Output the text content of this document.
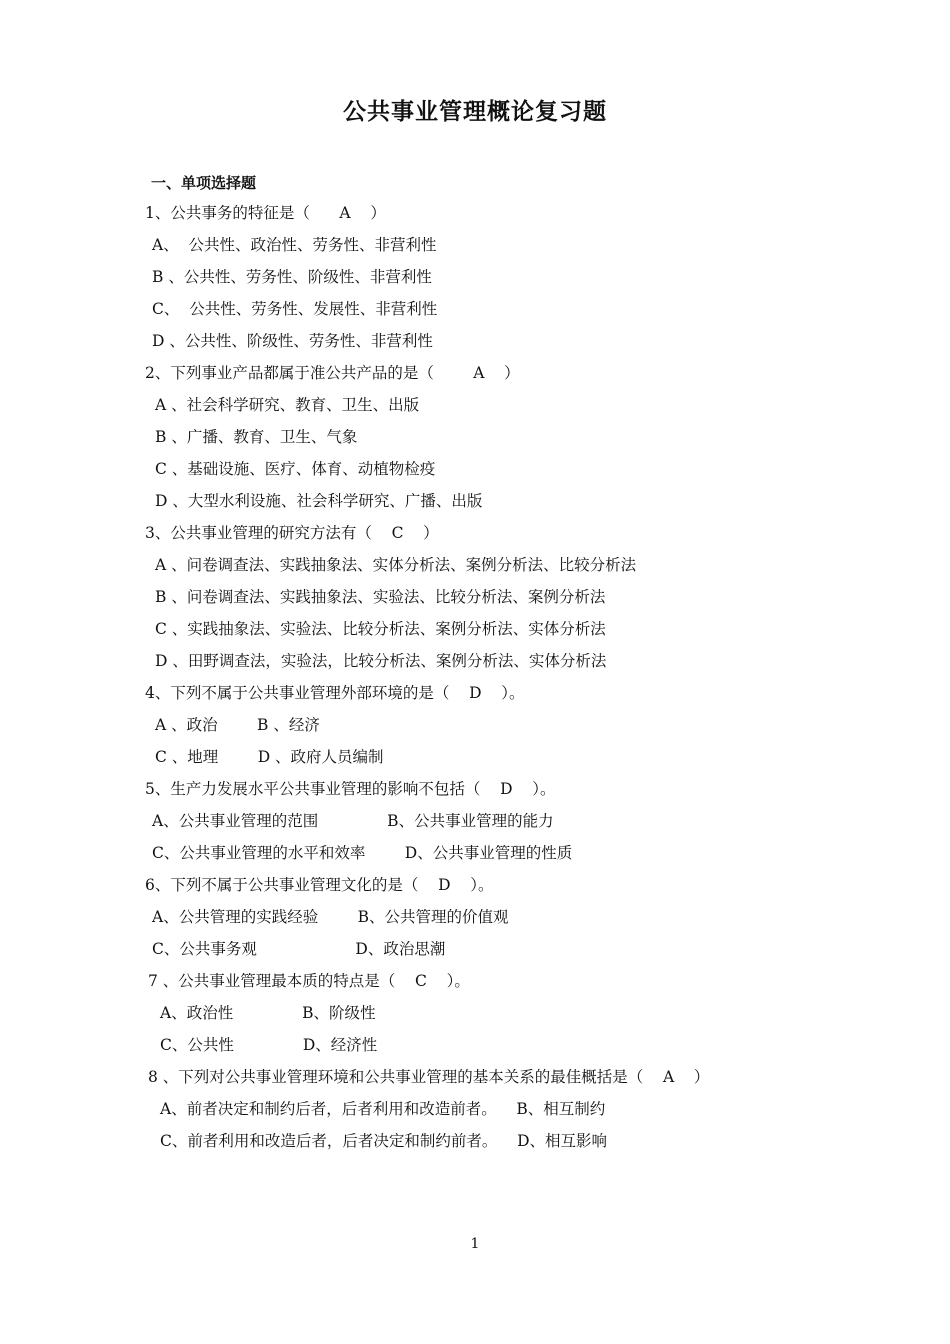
公共事业管理概论复习题
一、单项选择题
1、公共事务的特征是（      A    ）
A、  公共性、政治性、劳务性、非营利性
B 、公共性、劳务性、阶级性、非营利性
C、  公共性、劳务性、发展性、非营利性
D 、公共性、阶级性、劳务性、非营利性
2、下列事业产品都属于准公共产品的是（        A    ）
A 、社会科学研究、教育、卫生、出版
B 、广播、教育、卫生、气象
C 、基础设施、医疗、体育、动植物检疫
D 、大型水利设施、社会科学研究、广播、出版
3、公共事业管理的研究方法有（    C    ）
A 、问卷调查法、实践抽象法、实体分析法、案例分析法、比较分析法
B 、问卷调查法、实践抽象法、实验法、比较分析法、案例分析法
C 、实践抽象法、实验法、比较分析法、案例分析法、实体分析法
D 、田野调查法，实验法，比较分析法、案例分析法、实体分析法
4、下列不属于公共事业管理外部环境的是（    D    ）。
A 、政治        B 、经济
C 、地理        D 、政府人员编制
5、生产力发展水平公共事业管理的影响不包括（    D    ）。
A、公共事业管理的范围              B、公共事业管理的能力
C、公共事业管理的水平和效率        D、公共事业管理的性质
6、下列不属于公共事业管理文化的是（    D    ）。
A、公共管理的实践经验        B、公共管理的价值观
C、公共事务观                    D、政治思潮
7 、公共事业管理最本质的特点是（    C    ）。
A、政治性              B、阶级性
C、公共性              D、经济性
8 、下列对公共事业管理环境和公共事业管理的基本关系的最佳概括是（    A    ）
A、前者决定和制约后者，后者利用和改造前者。    B、相互制约
C、前者利用和改造后者，后者决定和制约前者。    D、相互影响
1
